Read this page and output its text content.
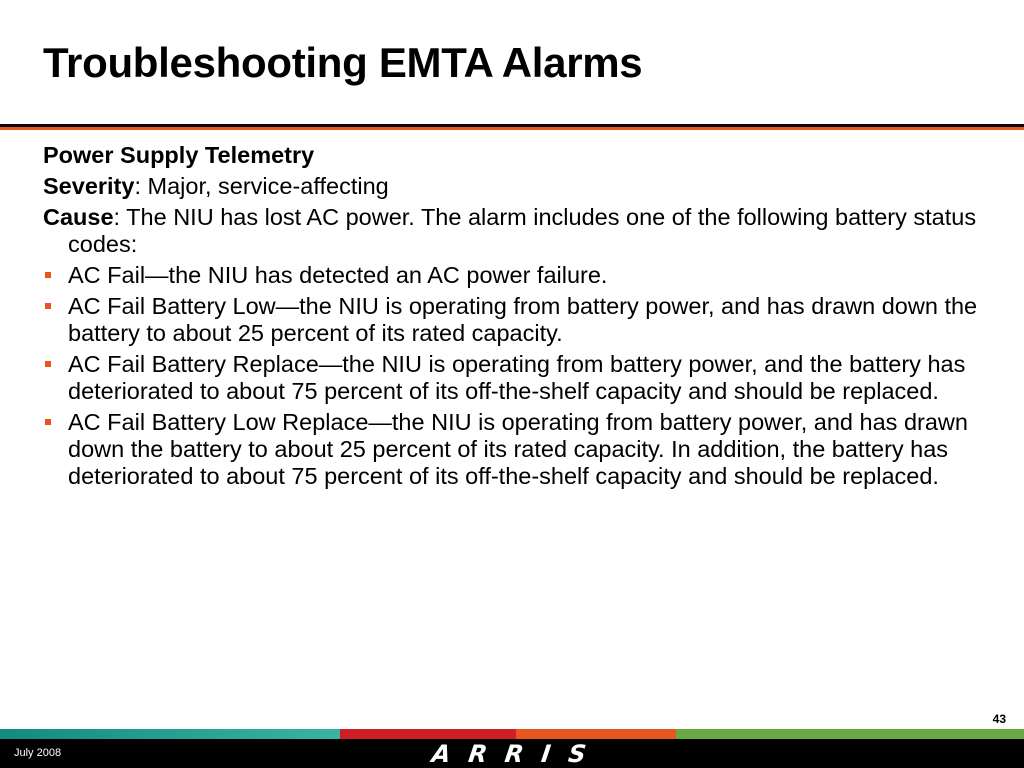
Troubleshooting EMTA Alarms

Power Supply Telemetry

Severity: Major, service-affecting

Cause: The NIU has lost AC power. The alarm includes one of the following battery status codes:

AC Fail—the NIU has detected an AC power failure.
AC Fail Battery Low—the NIU is operating from battery power, and has drawn down the battery to about 25 percent of its rated capacity.
AC Fail Battery Replace—the NIU is operating from battery power, and the battery has deteriorated to about 75 percent of its off-the-shelf capacity and should be replaced.
AC Fail Battery Low Replace—the NIU is operating from battery power, and has drawn down the battery to about 25 percent of its rated capacity. In addition, the battery has deteriorated to about 75 percent of its off-the-shelf capacity and should be replaced.
43
July 2008	ARRIS
